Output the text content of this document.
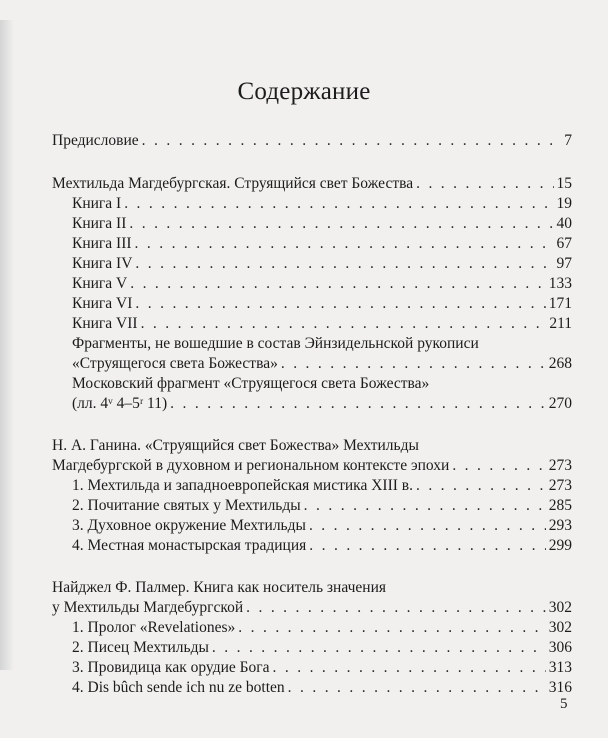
Содержание
Предисловие . . .	7
Мехтильда Магдебургская. Струящийся свет Божества . . .	15
Книга I . . .	19
Книга II . . .	40
Книга III . . .	67
Книга IV . . .	97
Книга V . . .	133
Книга VI . . .	171
Книга VII . . .	211
Фрагменты, не вошедшие в состав Эйнзидельнской рукописи
«Струящегося света Божества» . . .	268
Московский фрагмент «Струящегося света Божества»
(лл. 4ᵛ 4–5ʳ 11) . . .	270
Н. А. Ганина. «Струящийся свет Божества» Мехтильды
Магдебургской в духовном и региональном контексте эпохи . . .	273
1. Мехтильда и западноевропейская мистика XIII в. . . .	273
2. Почитание святых у Мехтильды . . .	285
3. Духовное окружение Мехтильды . . .	293
4. Местная монастырская традиция . . .	299
Найджел Ф. Палмер. Книга как носитель значения
у Мехтильды Магдебургской . . .	302
1. Пролог «Revelationes» . . .	302
2. Писец Мехтильды . . .	306
3. Провидица как орудие Бога . . .	313
4. Dis bûch sende ich nu ze botten . . .	316
5
